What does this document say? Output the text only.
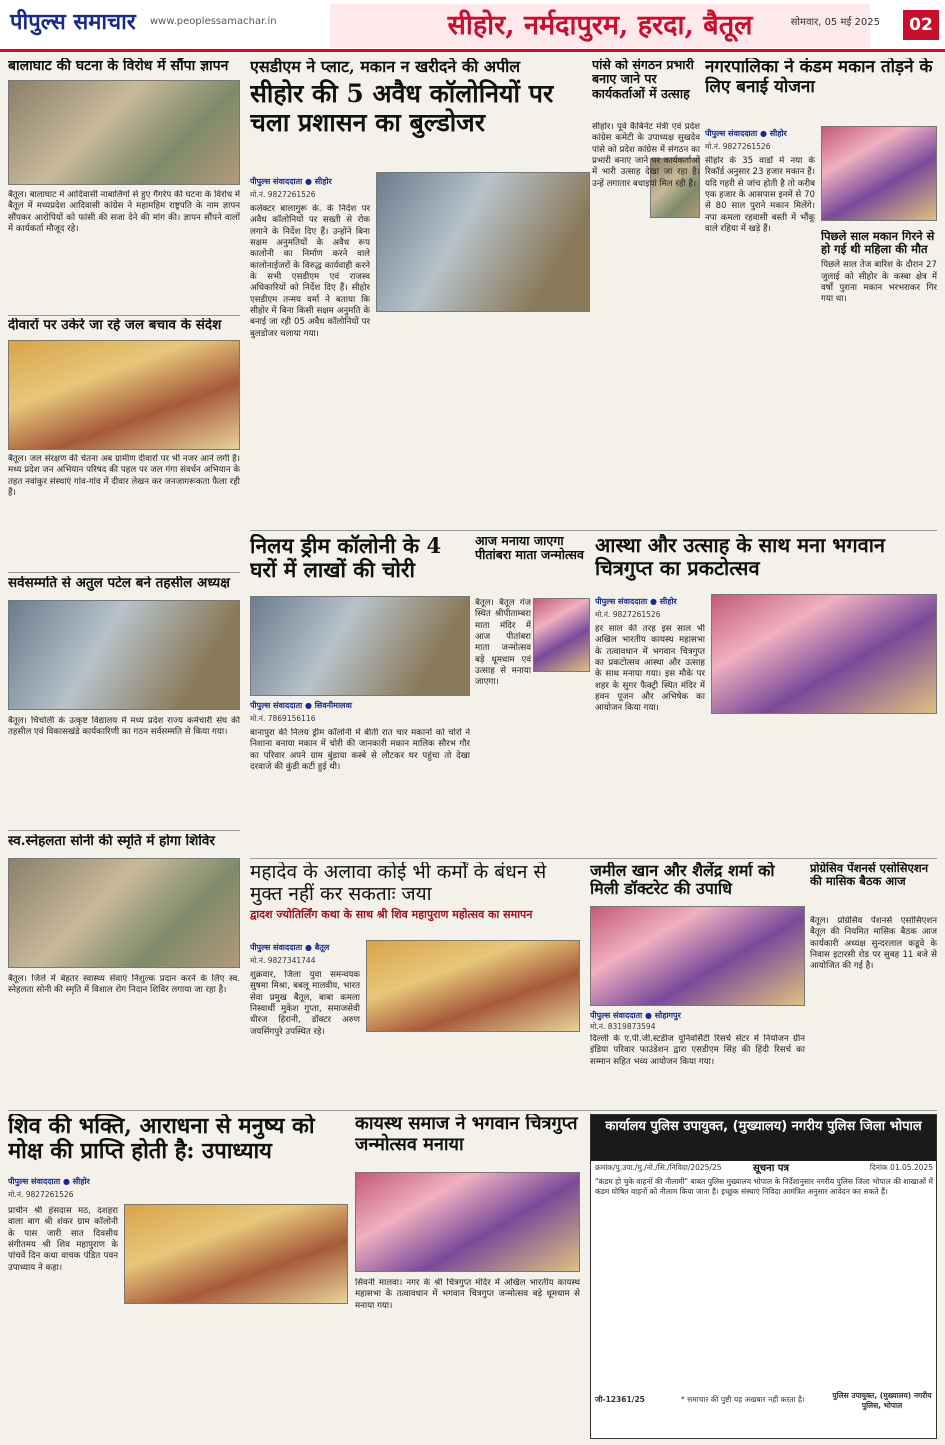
पीपुल्स समाचार www.peoplessamachar.in	सीहोर, नर्मदापुरम, हरदा, बैतूल	सोमवार, 05 मई 2025	02
बालाघाट की घटना के विरोध में सौंपा ज्ञापन
बैतूल। बालाघाट में आदिवासी नाबालिगों से हुए गैंगरेप की घटना के विरोध में बैतूल में मध्यप्रदेश आदिवासी कांग्रेस ने महामहिम राष्ट्रपति के नाम ज्ञापन सौंपकर आरोपियों को फांसी की सजा देने की मांग की। ज्ञापन सौंपने वालों में कार्यकर्ता मौजूद रहे।
दीवारों पर उकेरे जा रहे जल बचाव के संदेश
बैतूल। जल संरक्षण की चेतना अब ग्रामीण दीवारों पर भी नजर आने लगी है। मध्य प्रदेश जन अभियान परिषद की पहल पर जल गंगा संवर्धन अभियान के तहत नवांकुर संस्थाएं गांव-गांव में दीवार लेखन कर जनजागरूकता फैला रही हैं।
सर्वसम्मति से अतुल पटेल बने तहसील अध्यक्ष
बैतूल। चिचोली के उत्कृष्ट विद्यालय में मध्य प्रदेश राज्य कर्मचारी संघ की तहसील एवं विकासखंडे कार्यकारिणी का गठन सर्वसम्मति से किया गया।
स्व.स्नेहलता सोनी की स्मृति में होगा शिविर
बैतूल। जिले में बेहतर स्वास्थ्य सेवाएं निशुल्क प्रदान करने के लिए स्व. स्नेहलता सोनी की स्मृति में विशाल रोग निदान शिविर लगाया जा रहा है।
एसडीएम ने प्लाट, मकान न खरीदने की अपील
सीहोर की 5 अवैध कॉलोनियों पर चला प्रशासन का बुल्डोजर
पीपुल्स संवाददाता ● सीहोर
मो.नं. 9827261526
कलेक्टर बालागुरू के. के निर्देश पर अवैध कॉलोनियों पर सख्ती से रोक लगाने के निर्देश दिए हैं। उन्होंने बिना सक्षम अनुमतियों के अवैध रूप कालोनी का निर्माण करने वाले कालोनाईजरों के विरुद्ध कार्यवाही करने के सभी एसडीएम एवं राजस्व अधिकारियों को निर्देश दिए हैं। सीहोर एसडीएम तन्मय वर्मा ने बताया कि सीहोर में बिना किसी सक्षम अनुमति के बनाई जा रही 05 अवैध कॉलोनियों पर बुलडोजर चलाया गया।
पांसे को संगठन प्रभारी बनाए जाने पर कार्यकर्ताओं में उत्साह
सीहोर। पूर्व कैबिनेट मंत्री एवं प्रदेश कांग्रेस कमेटी के उपाध्यक्ष सुखदेव पांसे को प्रदेश कांग्रेस में संगठन का प्रभारी बनाए जाने पर कार्यकर्ताओं में भारी उत्साह देखा जा रहा है। उन्हें लगातार बधाइयां मिल रही हैं।
नगरपालिका ने कंडम मकान तोड़ने के लिए बनाई योजना
पीपुल्स संवाददाता ● सीहोर
मो.नं. 9827261526
सीहोर के 35 वार्डों में नया के रिकॉर्ड अनुसार 23 हजार मकान हैं। यदि गहरी से जांच होती है तो करीब एक हजार के आसपास इनमें से 70 से 80 साल पुराने मकान मिलेंगे। नपा कमला रहवासी बस्ती में भौंकू वाले रहिया में खड़े हैं।	पिछले साल मकान गिरने से हो गई थी महिला की मौत
पिछले साल तेज बारिश के दौरान 27 जुलाई को सीहोर के कस्बा क्षेत्र में वर्षों पुराना मकान भरभराकर गिर गया था।
निलय ड्रीम कॉलोनी के 4 घरों में लाखों की चोरी
पीपुल्स संवाददाता ● सिवनीमालवा
मो.नं. 7869156116
बानापुरा की निलय ड्रीम कॉलोनी में बीती रात चार मकानों को चोरों ने निशाना बनाया मकान में चोरी की जानकारी मकान मालिक सौरभ गौर का परिवार अपने ग्राम बुंडाया कस्बे से लौटकर घर पहुंचा तो देखा दरवाजे की कुंडी कटी हुई थी।
आज मनाया जाएगा पीतांबरा माता जन्मोत्सव
बैतूल। बैतूल गंज स्थित श्रीपीताम्बरा माता मंदिर में आज पीतांबरा माता जन्मोत्सव बड़े धूमधाम एवं उत्साह से मनाया जाएगा।
आस्था और उत्साह के साथ मना भगवान चित्रगुप्त का प्रकटोत्सव
पीपुल्स संवाददाता ● सीहोर
मो.नं. 9827261526
हर साल की तरह इस साल भी अखिल भारतीय कायस्थ महासभा के तत्वावधान में भगवान चित्रगुप्त का प्रकटोत्सव आस्था और उत्साह के साथ मनाया गया। इस मौके पर शहर के सुगर फैक्ट्री स्थित मंदिर में हवन पूजन और अभिषेक का आयोजन किया गया।
महादेव के अलावा कोई भी कर्मों के बंधन से मुक्त नहीं कर सकताः जया
द्वादश ज्योतिर्लिंग कथा के साथ श्री शिव महापुराण महोत्सव का समापन
पीपुल्स संवाददाता ● बैतूल
मो.नं. 9827341744
शुक्रवार, जिला युवा समन्वयक सुषमा मिश्रा, बबलू मालवीय, भारत सेवा प्रमुख बैतूल, बाबा कमला निस्वार्थी मुकेश गुप्ता, समाजसेवी धीरज हिरानी, डॉक्टर अरुण जयसिंगपुरे उपस्थित रहे।
जमील खान और शैलेंद्र शर्मा को मिली डॉक्टरेट की उपाधि
पीपुल्स संवाददाता ● सोहागपुर
मो.नं. 8319873594
दिल्ली के ए.पी.जी.स्टडीज यूनिवर्सिटी रिसर्च सेंटर में नियोजन ग्रीन इंडिया परिवार फाउंडेशन द्वारा एसडीएम सिंह की हिंदी रिसर्च का सम्मान सहित भव्य आयोजन किया गया।
प्रोग्रेसिव पेंशनर्स एसोसिएशन की मासिक बैठक आज
बैतूल। प्रोग्रेसिव पेंशनर्स एसोसिएशन बैतूल की नियमित मासिक बैठक आज कार्यकारी अध्यक्ष सुन्दरलाल कडूवे के निवास इटारसी रोड पर सुबह 11 बजे से आयोजित की गई है।
शिव की भक्ति, आराधना से मनुष्य को मोक्ष की प्राप्ति होती है: उपाध्याय
पीपुल्स संवाददाता ● सीहोर
मो.नं. 9827261526
प्राचीन श्री हंसदास मठ, दशहरा वाला बाग श्री शंकर ग्राम कॉलोनी के पास जारी सात दिवसीय संगीतमय श्री शिव महापुराण के पांचवें दिन कथा वाचक पंडित पवन उपाध्याय ने कहा।
कायस्थ समाज ने भगवान चित्रगुप्त जन्मोत्सव मनाया
सिवनी मालवा। नगर के श्री चित्रगुप्त मंदिर में अखिल भारतीय कायस्थ महासभा के तत्वावधान में भगवान चित्रगुप्त जन्मोत्सव बड़े धूमधाम से मनाया गया।
कार्यालय पुलिस उपायुक्त, (मुख्यालय) नगरीय पुलिस जिला भोपाल
क्रमांक/पु.उपा./मु./नो./सि./निविदा/2025/25	सूचना पत्र	दिनांक 01.05.2025
"कंडम हो चुके वाहनों की नीलामी" बाबत पुलिस मुख्यालय भोपाल के निर्देशानुसार नगरीय पुलिस जिला भोपाल की शाखाओं में कंडम घोषित वाहनों को नीलाम किया जाना है। इच्छुक संस्थाएं निविदा आमंत्रित अनुसार आवेदन कर सकते हैं।
जी-12361/25	* समाचार की पुष्टी यह अखबार नहीं करता है।	पुलिस उपायुक्त, (मुख्यालय) नगरीय पुलिस, भोपाल
